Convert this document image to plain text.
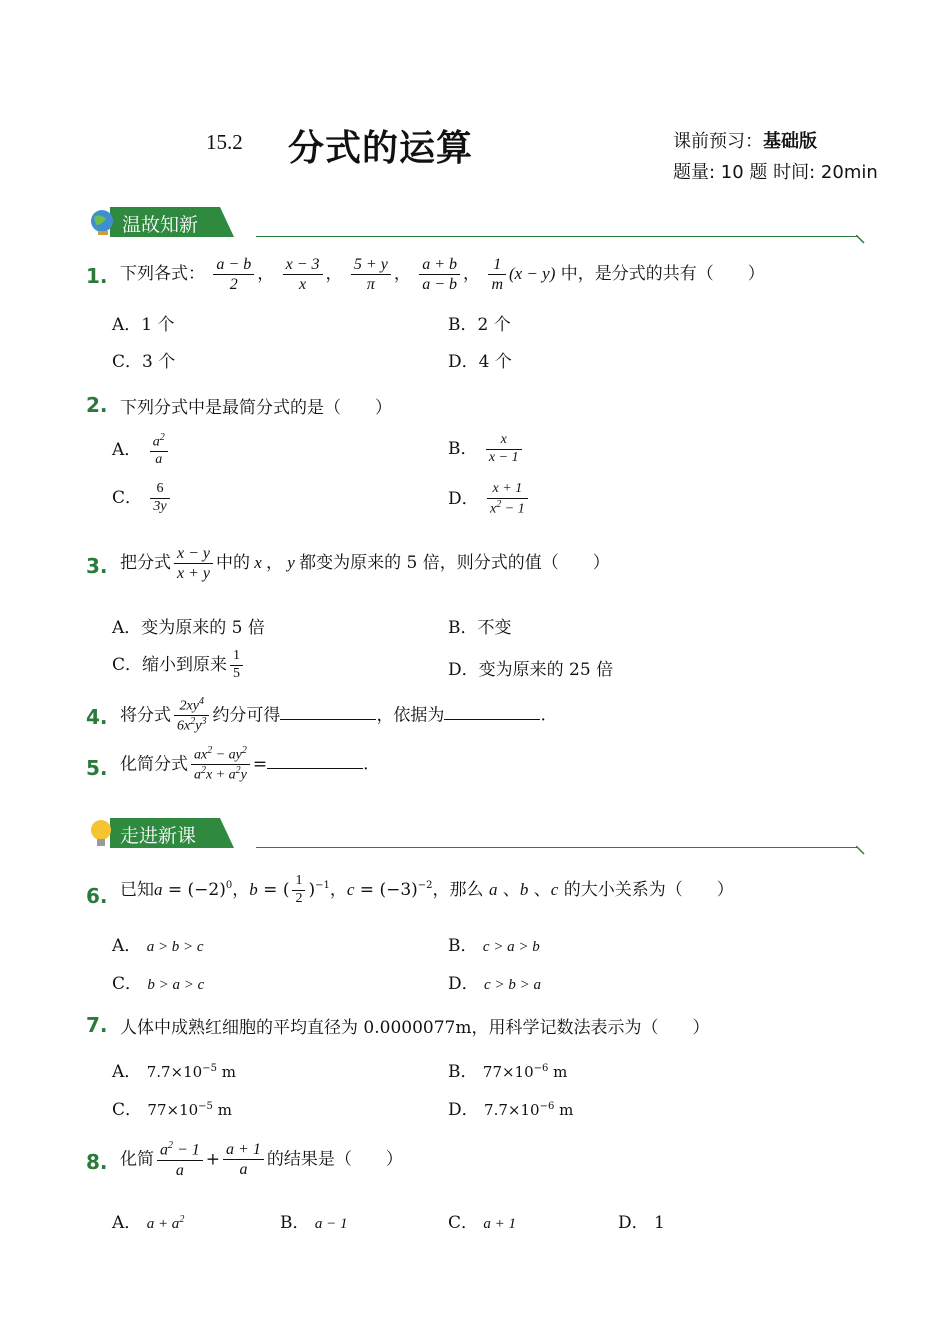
15.2 分式的运算	课前预习：基础版
题量: 10 题 时间: 20min
温故知新
1. 下列各式： $\frac{a - b}{2}$ ， $\frac{x - 3}{x}$ ， $\frac{5 + y}{\pi}$ ， $\frac{a + b}{a - b}$ ， $\frac{1}{m} (x - y)$ 中，是分式的共有（　　）
A．1 个	B．2 个
C．3 个	D．4 个
2. 下列分式中是最简分式的是（　　）
A． $\frac{a^2}{a}$	B． $\frac{x}{x - 1}$
C． $\frac{6}{3y}$	D． $\frac{x + 1}{x^2 - 1}$
3. 把分式 $\frac{x - y}{x + y}$ 中的 x ， y 都变为原来的 5 倍，则分式的值（　　）
A．变为原来的 5 倍	B．不变
C．缩小到原来 $\frac{1}{5}$	D．变为原来的 25 倍
4. 将分式 $\frac{2xy^4}{6x^2y^3}$ 约分可得	，依据为	.
5. 化简分式 $\frac{ax^2 - ay^2}{a^2x + a^2y}$ =	.
走进新课
6. 已知$a = (-2)^0$，b = ( $\frac{1}{2} )^{-1}$，$c = (-3)^{-2}$，那么 a 、b 、c 的大小关系为（　　）
A． a > b > c	B． c > a > b
C． b > a > c	D． c > b > a
7. 人体中成熟红细胞的平均直径为 0.0000077m，用科学记数法表示为（　　）
A． $7.7\times 10^{-5}$ m	B． $77\times 10^{-6}$ m
C． $77\times 10^{-5}$ m	D． $7.7\times 10^{-6}$ m
8. 化简 $\frac{a^2 - 1}{a} + \frac{a + 1}{a}$ 的结果是（　　）
A． $a + a^2$	B． a − 1	C． a + 1	D． 1
